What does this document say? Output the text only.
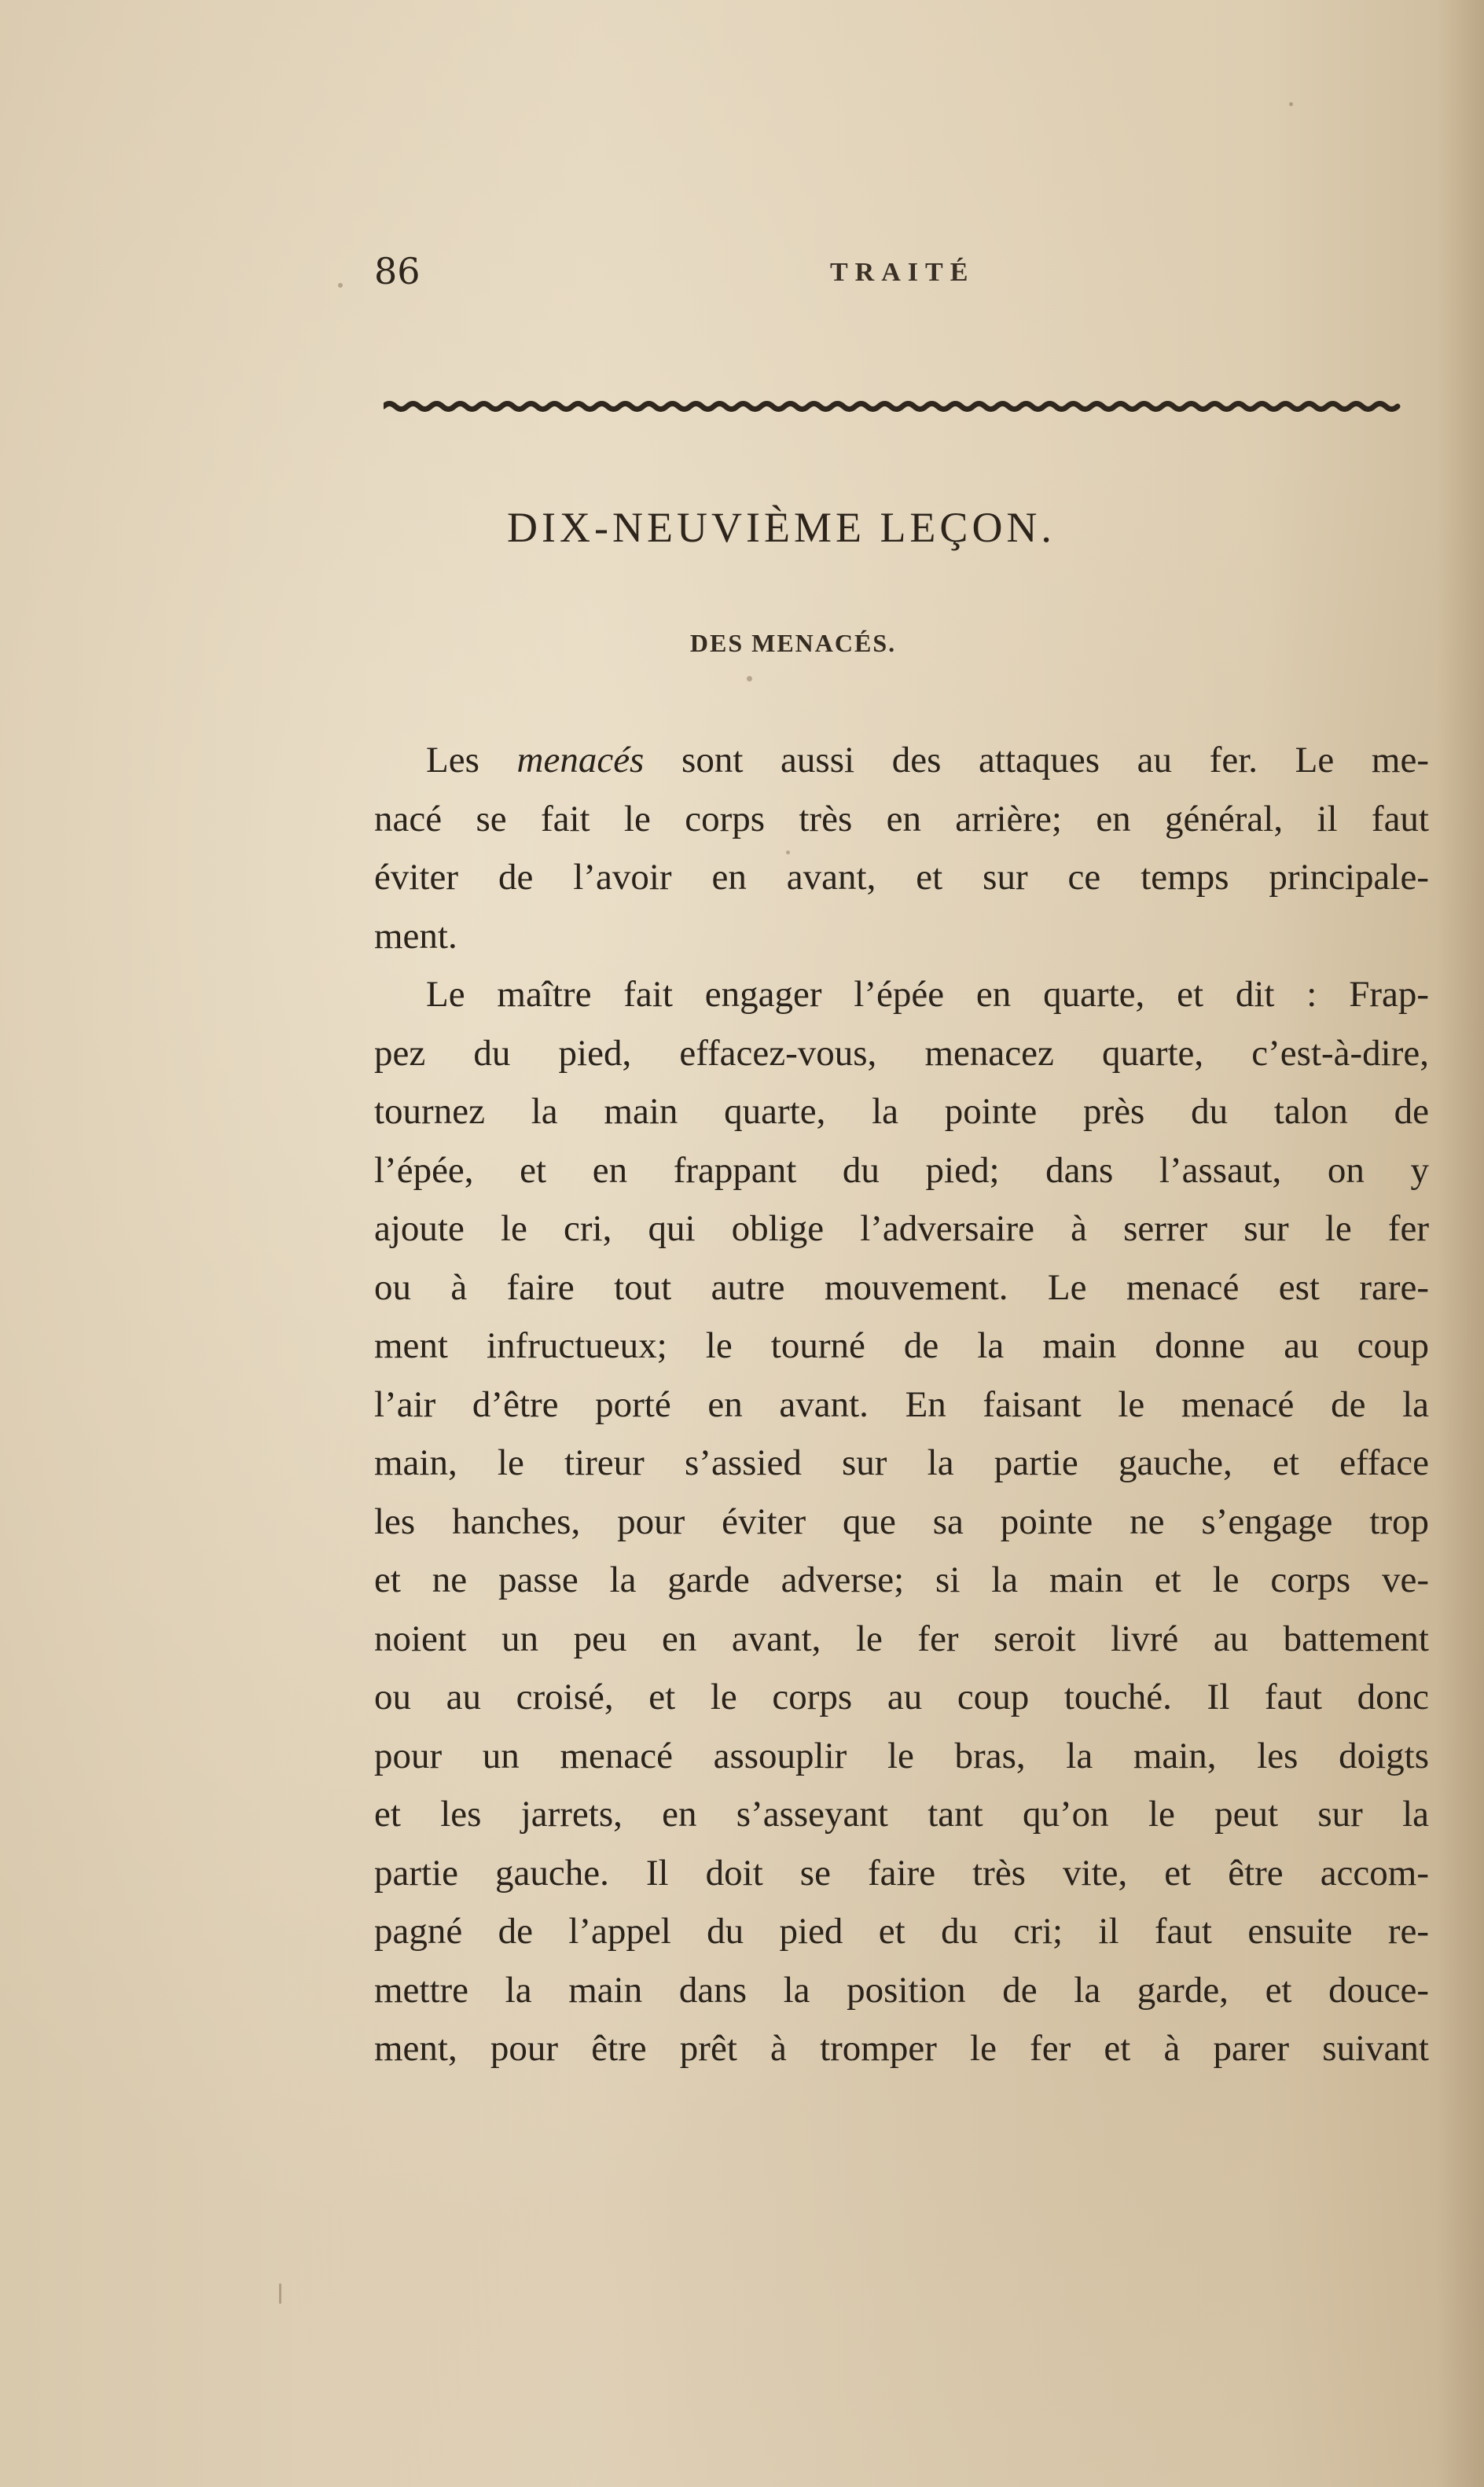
86	TRAITÉ
DIX-NEUVIÈME LEÇON.
DES MENACÉS.
Les menacés sont aussi des attaques au fer. Le me-
nacé se fait le corps très en arrière; en général, il faut
éviter de l’avoir en avant, et sur ce temps principale-
ment.
Le maître fait engager l’épée en quarte, et dit : Frap-
pez du pied, effacez-vous, menacez quarte, c’est-à-dire,
tournez la main quarte, la pointe près du talon de
l’épée, et en frappant du pied; dans l’assaut, on y
ajoute le cri, qui oblige l’adversaire à serrer sur le fer
ou à faire tout autre mouvement. Le menacé est rare-
ment infructueux; le tourné de la main donne au coup
l’air d’être porté en avant. En faisant le menacé de la
main, le tireur s’assied sur la partie gauche, et efface
les hanches, pour éviter que sa pointe ne s’engage trop
et ne passe la garde adverse; si la main et le corps ve-
noient un peu en avant, le fer seroit livré au battement
ou au croisé, et le corps au coup touché. Il faut donc
pour un menacé assouplir le bras, la main, les doigts
et les jarrets, en s’asseyant tant qu’on le peut sur la
partie gauche. Il doit se faire très vite, et être accom-
pagné de l’appel du pied et du cri; il faut ensuite re-
mettre la main dans la position de la garde, et douce-
ment, pour être prêt à tromper le fer et à parer suivant
